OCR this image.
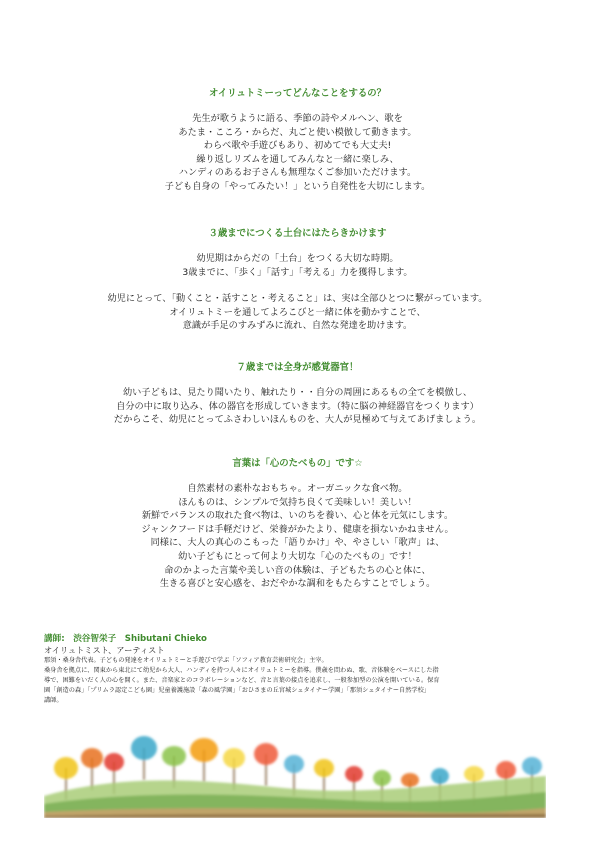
オイリュトミーってどんなことをするの？

先生が歌うように語る、季節の詩やメルヘン、歌を

あたま・こころ・からだ、丸ごと使い模倣して動きます。

わらべ歌や手遊びもあり、初めてでも大丈夫!

繰り返しリズムを通してみんなと一緒に楽しみ、

ハンディのあるお子さんも無理なくご参加いただけます。

子ども自身の「やってみたい！」という自発性を大切にします。

３歳までにつくる土台にはたらきかけます

幼児期はからだの「土台」をつくる大切な時期。

3歳までに、「歩く」「話す」「考える」力を獲得します。

幼児にとって、「動くこと・話すこと・考えること」は、実は全部ひとつに繋がっています。

オイリュトミーを通してよろこびと一緒に体を動かすことで、

意識が手足のすみずみに流れ、自然な発達を助けます。

７歳までは全身が感覚器官！

幼い子どもは、見たり聞いたり、触れたり・・自分の周囲にあるもの全てを模倣し、

自分の中に取り込み、体の器官を形成していきます。（特に脳の神経器官をつくります）

だからこそ、幼児にとってふさわしいほんものを、大人が見極めて与えてあげましょう。

言葉は「心のたべもの」です☆

自然素材の素朴なおもちゃ。オーガニックな食べ物。

ほんものは、シンプルで気持ち良くて美味しい！美しい！

新鮮でバランスの取れた食べ物は、いのちを養い、心と体を元気にします。

ジャンクフードは手軽だけど、栄養がかたより、健康を損ないかねません。

同様に、大人の真心のこもった「語りかけ」や、やさしい「歌声」は、

幼い子どもにとって何より大切な「心のたべもの」です！

命のかよった言葉や美しい音の体験は、子どもたちの心と体に、

生きる喜びと安心感を、おだやかな調和をもたらすことでしょう。

講師:　渋谷智栄子　Shibutani Chieko
オイリュトミスト、アーティスト

那須・桑身舎代表。子どもの発達をオイリュトミーと手遊びで学ぶ「ソフィア教育芸術研究会」主宰。

桑身舎を拠点に、関東から東北にて幼児から大人、ハンディを持つ人々にオイリュトミーを指導。僕歳を問わぬ、歌、音体験をベースにした指

導で、困難をいだく人の心を開く。また、音楽家とのコラボレーションなど、音と言葉の接点を追求し、一般参加型の公演を開いている。保育

園「創造の森」「プリムラ認定こども園」児童養護施設「森の風学園」「おひさまの丘宮城シュタイナー学園」「那須シュタイナー自然学校」

講師。
